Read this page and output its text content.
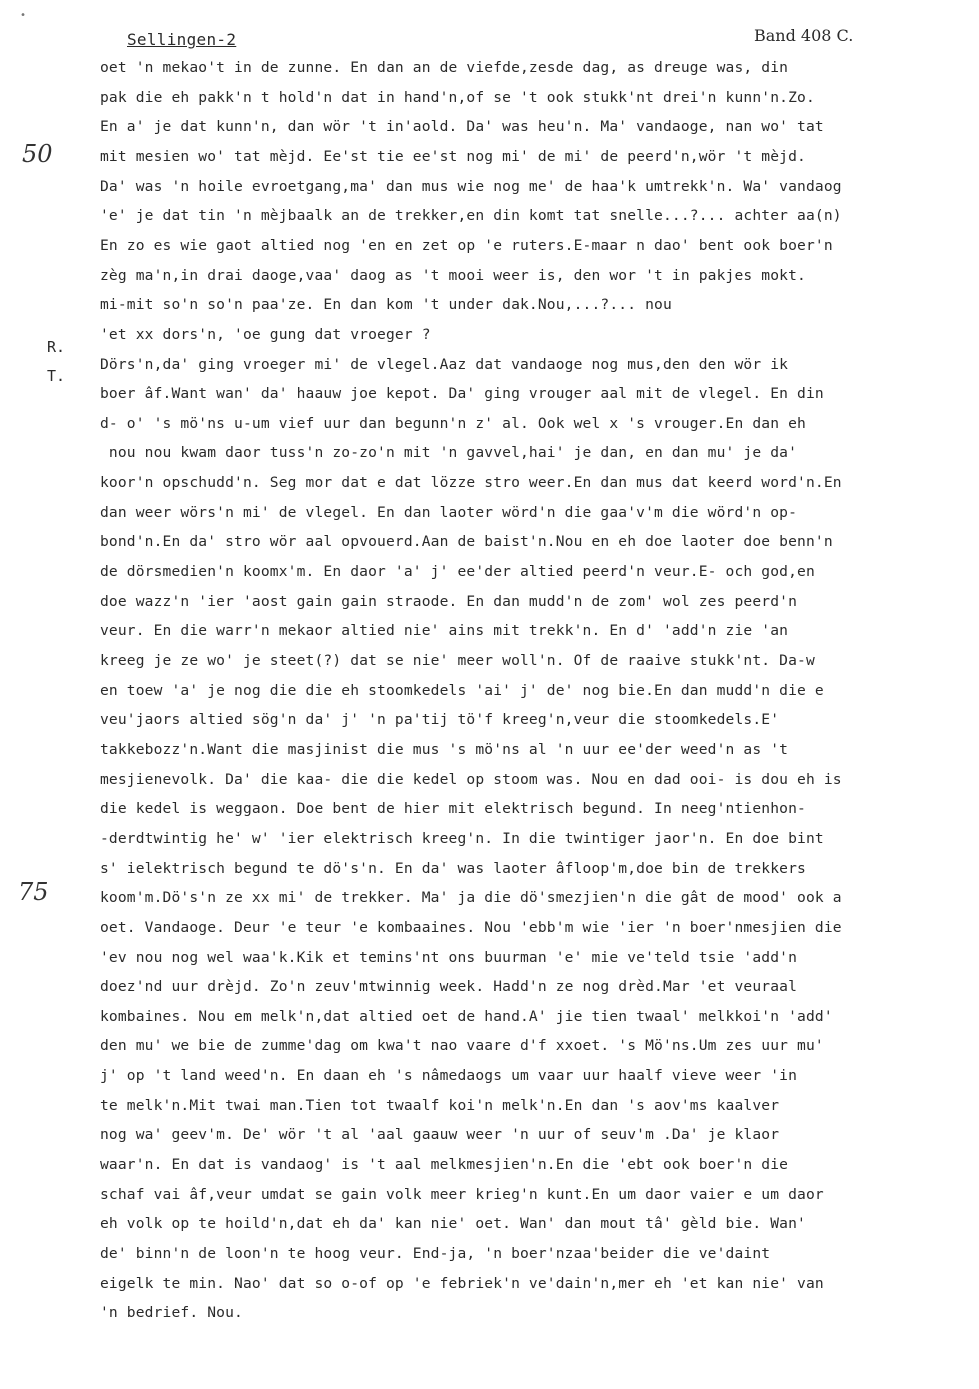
•
Sellingen-2	Band 408 C.
50
75
R.
T.
oet 'n mekao't in de zunne. En dan an de viefde,zesde dag, as dreuge was, din
pak die eh pakk'n t hold'n dat in hand'n,of se 't ook stukk'nt drei'n kunn'n.Zo.
En a' je dat kunn'n, dan wör 't in'aold. Da' was heu'n. Ma' vandaoge, nan wo' tat
mit mesien wo' tat mèjd. Ee'st tie ee'st nog mi' de mi' de peerd'n,wör 't mèjd.
Da' was 'n hoile evroetgang,ma' dan mus wie nog me' de haa'k umtrekk'n. Wa' vandaog
'e' je dat tin 'n mèjbaalk an de trekker,en din komt tat snelle...?... achter aa(n)
En zo es wie gaot altied nog 'en en zet op 'e ruters.E-maar n dao' bent ook boer'n
zèg ma'n,in drai daoge,vaa' daog as 't mooi weer is, den wor 't in pakjes mokt.
mi-mit so'n so'n paa'ze. En dan kom 't under dak.Nou,...?... nou
'et xx dors'n, 'oe gung dat vroeger ?
Dörs'n,da' ging vroeger mi' de vlegel.Aaz dat vandaoge nog mus,den den wör ik
boer âf.Want wan' da' haauw joe kepot. Da' ging vrouger aal mit de vlegel. En din
d- o' 's mö'ns u-um vief uur dan begunn'n z' al. Ook wel x 's vrouger.En dan eh
nou nou kwam daor tuss'n zo-zo'n mit 'n gavvel,hai' je dan, en dan mu' je da'
koor'n opschudd'n. Seg mor dat e dat lözze stro weer.En dan mus dat keerd word'n.En
dan weer wörs'n mi' de vlegel. En dan laoter wörd'n die gaa'v'm die wörd'n op-
bond'n.En da' stro wör aal opvouerd.Aan de baist'n.Nou en eh doe laoter doe benn'n
de dörsmedien'n koomx'm. En daor 'a' j' ee'der altied peerd'n veur.E- och god,en
doe wazz'n 'ier 'aost gain gain straode. En dan mudd'n de zom' wol zes peerd'n
veur. En die warr'n mekaor altied nie' ains mit trekk'n. En d' 'add'n zie 'an
kreeg je ze wo' je steet(?) dat se nie' meer woll'n. Of de raaive stukk'nt. Da-w
en toew 'a' je nog die die eh stoomkedels 'ai' j' de' nog bie.En dan mudd'n die e
veu'jaors altied sög'n da' j' 'n pa'tij tö'f kreeg'n,veur die stoomkedels.E'
takkebozz'n.Want die masjinist die mus 's mö'ns al 'n uur ee'der weed'n as 't
mesjienevolk. Da' die kaa- die die kedel op stoom was. Nou en dad ooi- is dou eh is
die kedel is weggaon. Doe bent de hier mit elektrisch begund. In neeg'ntienhon-
-derdtwintig he' w' 'ier elektrisch kreeg'n. In die twintiger jaor'n. En doe bint
s' ielektrisch begund te dö's'n. En da' was laoter âfloop'm,doe bin de trekkers
koom'm.Dö's'n ze xx mi' de trekker. Ma' ja die dö'smezjien'n die gât de mood' ook a
oet. Vandaoge. Deur 'e teur 'e kombaaines. Nou 'ebb'm wie 'ier 'n boer'nmesjien die
'ev nou nog wel waa'k.Kik et temins'nt ons buurman 'e' mie ve'teld tsie 'add'n
doez'nd uur drèjd. Zo'n zeuv'mtwinnig week. Hadd'n ze nog drèd.Mar 'et veuraal
kombaines. Nou em melk'n,dat altied oet de hand.A' jie tien twaal' melkkoi'n 'add'
den mu' we bie de zumme'dag om kwa't nao vaare d'f xxoet. 's Mö'ns.Um zes uur mu'
j' op 't land weed'n. En daan eh 's nâmedaogs um vaar uur haalf vieve weer 'in
te melk'n.Mit twai man.Tien tot twaalf koi'n melk'n.En dan 's aov'ms kaalver
nog wa' geev'm. De' wör 't al 'aal gaauw weer 'n uur of seuv'm .Da' je klaor
waar'n. En dat is vandaog' is 't aal melkmesjien'n.En die 'ebt ook boer'n die
schaf vai âf,veur umdat se gain volk meer krieg'n kunt.En um daor vaier e um daor
eh volk op te hoild'n,dat eh da' kan nie' oet. Wan' dan mout tâ' gèld bie. Wan'
de' binn'n de loon'n te hoog veur. End-ja, 'n boer'nzaa'beider die ve'daint
eigelk te min. Nao' dat so o-of op 'e febriek'n ve'dain'n,mer eh 'et kan nie' van
'n bedrief. Nou.
